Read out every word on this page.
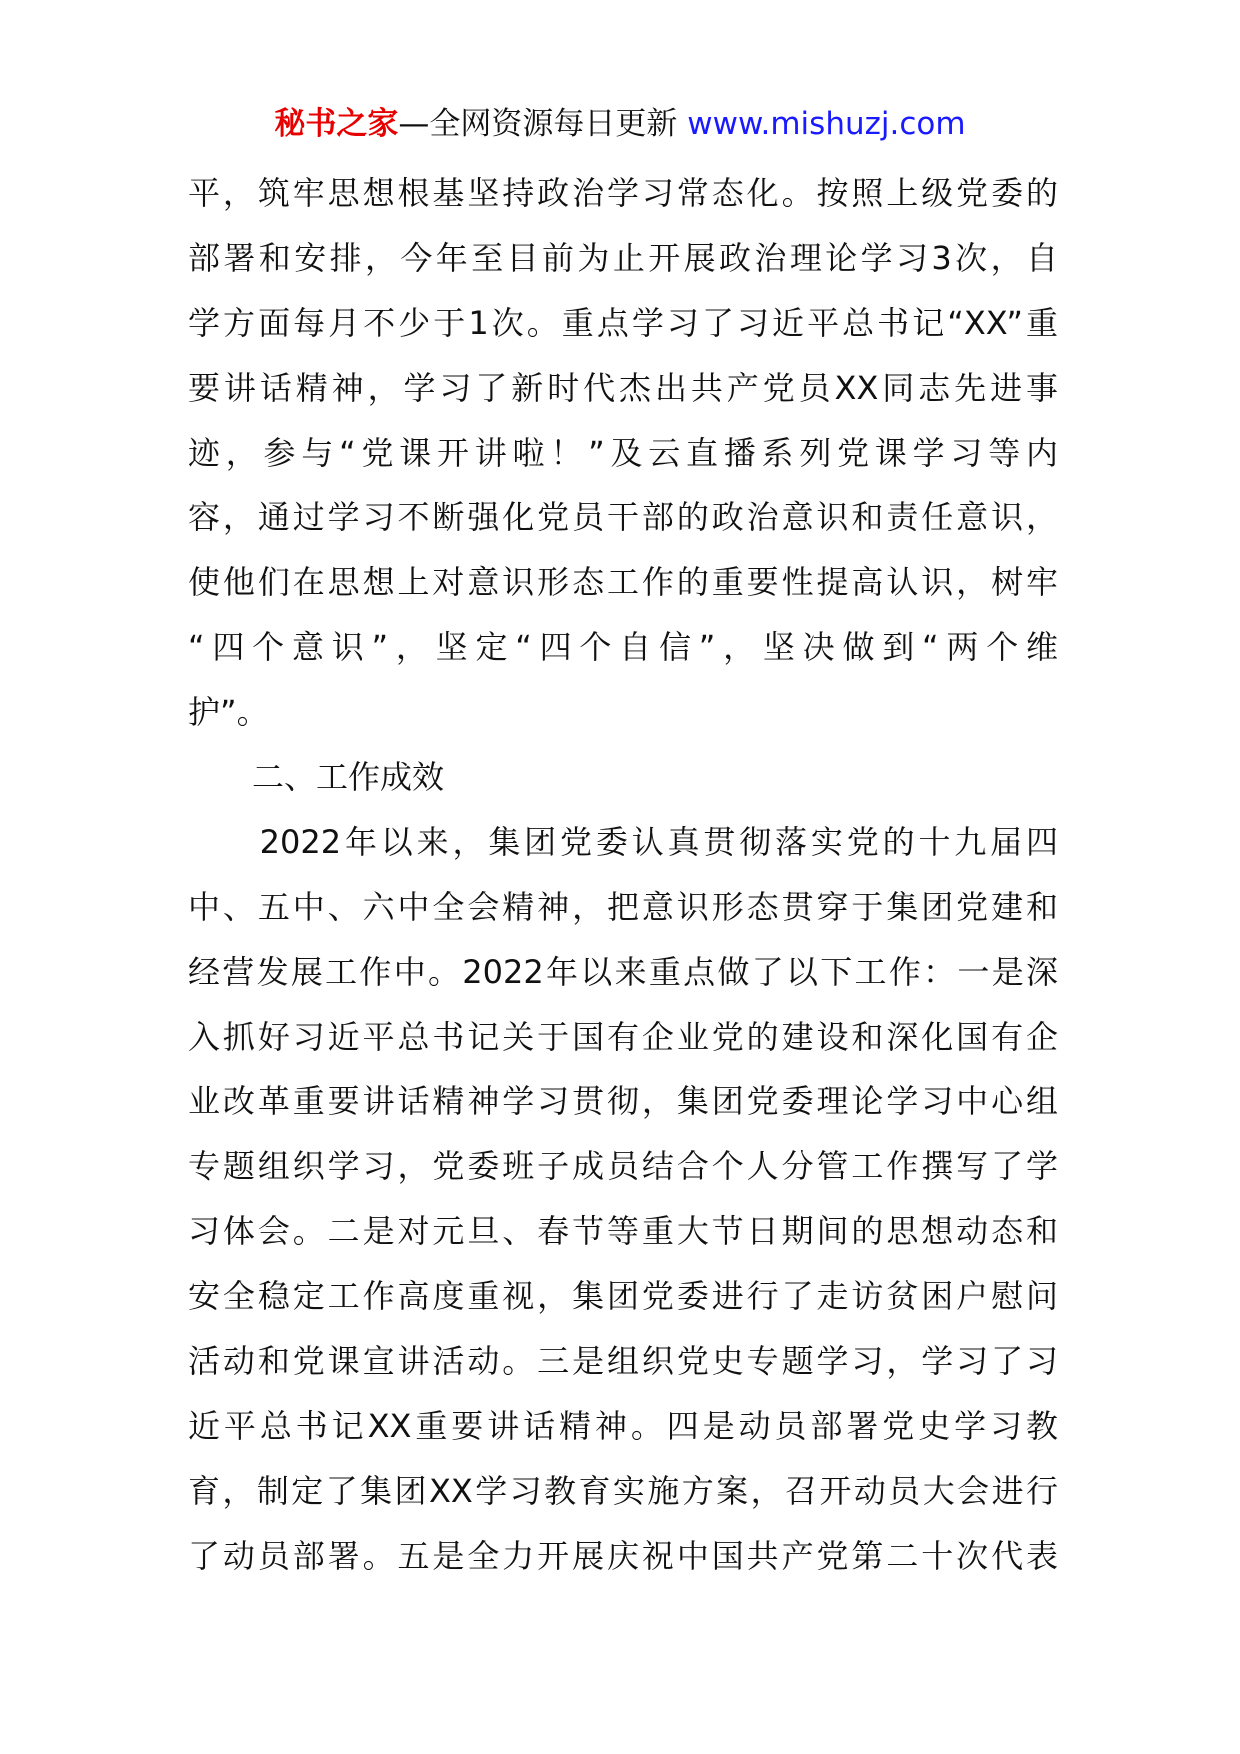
秘书之家—全网资源每日更新 www.mishuzj.com
平，筑牢思想根基坚持政治学习常态化。按照上级党委的
部署和安排，今年至目前为止开展政治理论学习3次，自
学方面每月不少于1次。重点学习了习近平总书记“XX”重
要讲话精神，学习了新时代杰出共产党员XX同志先进事
迹，参与“党课开讲啦！”及云直播系列党课学习等内
容，通过学习不断强化党员干部的政治意识和责任意识，
使他们在思想上对意识形态工作的重要性提高认识，树牢
“四个意识”，坚定“四个自信”，坚决做到“两个维
护”。
　　二、工作成效
　　2022年以来，集团党委认真贯彻落实党的十九届四
中、五中、六中全会精神，把意识形态贯穿于集团党建和
经营发展工作中。2022年以来重点做了以下工作：一是深
入抓好习近平总书记关于国有企业党的建设和深化国有企
业改革重要讲话精神学习贯彻，集团党委理论学习中心组
专题组织学习，党委班子成员结合个人分管工作撰写了学
习体会。二是对元旦、春节等重大节日期间的思想动态和
安全稳定工作高度重视，集团党委进行了走访贫困户慰问
活动和党课宣讲活动。三是组织党史专题学习，学习了习
近平总书记XX重要讲话精神。四是动员部署党史学习教
育，制定了集团XX学习教育实施方案，召开动员大会进行
了动员部署。五是全力开展庆祝中国共产党第二十次代表
